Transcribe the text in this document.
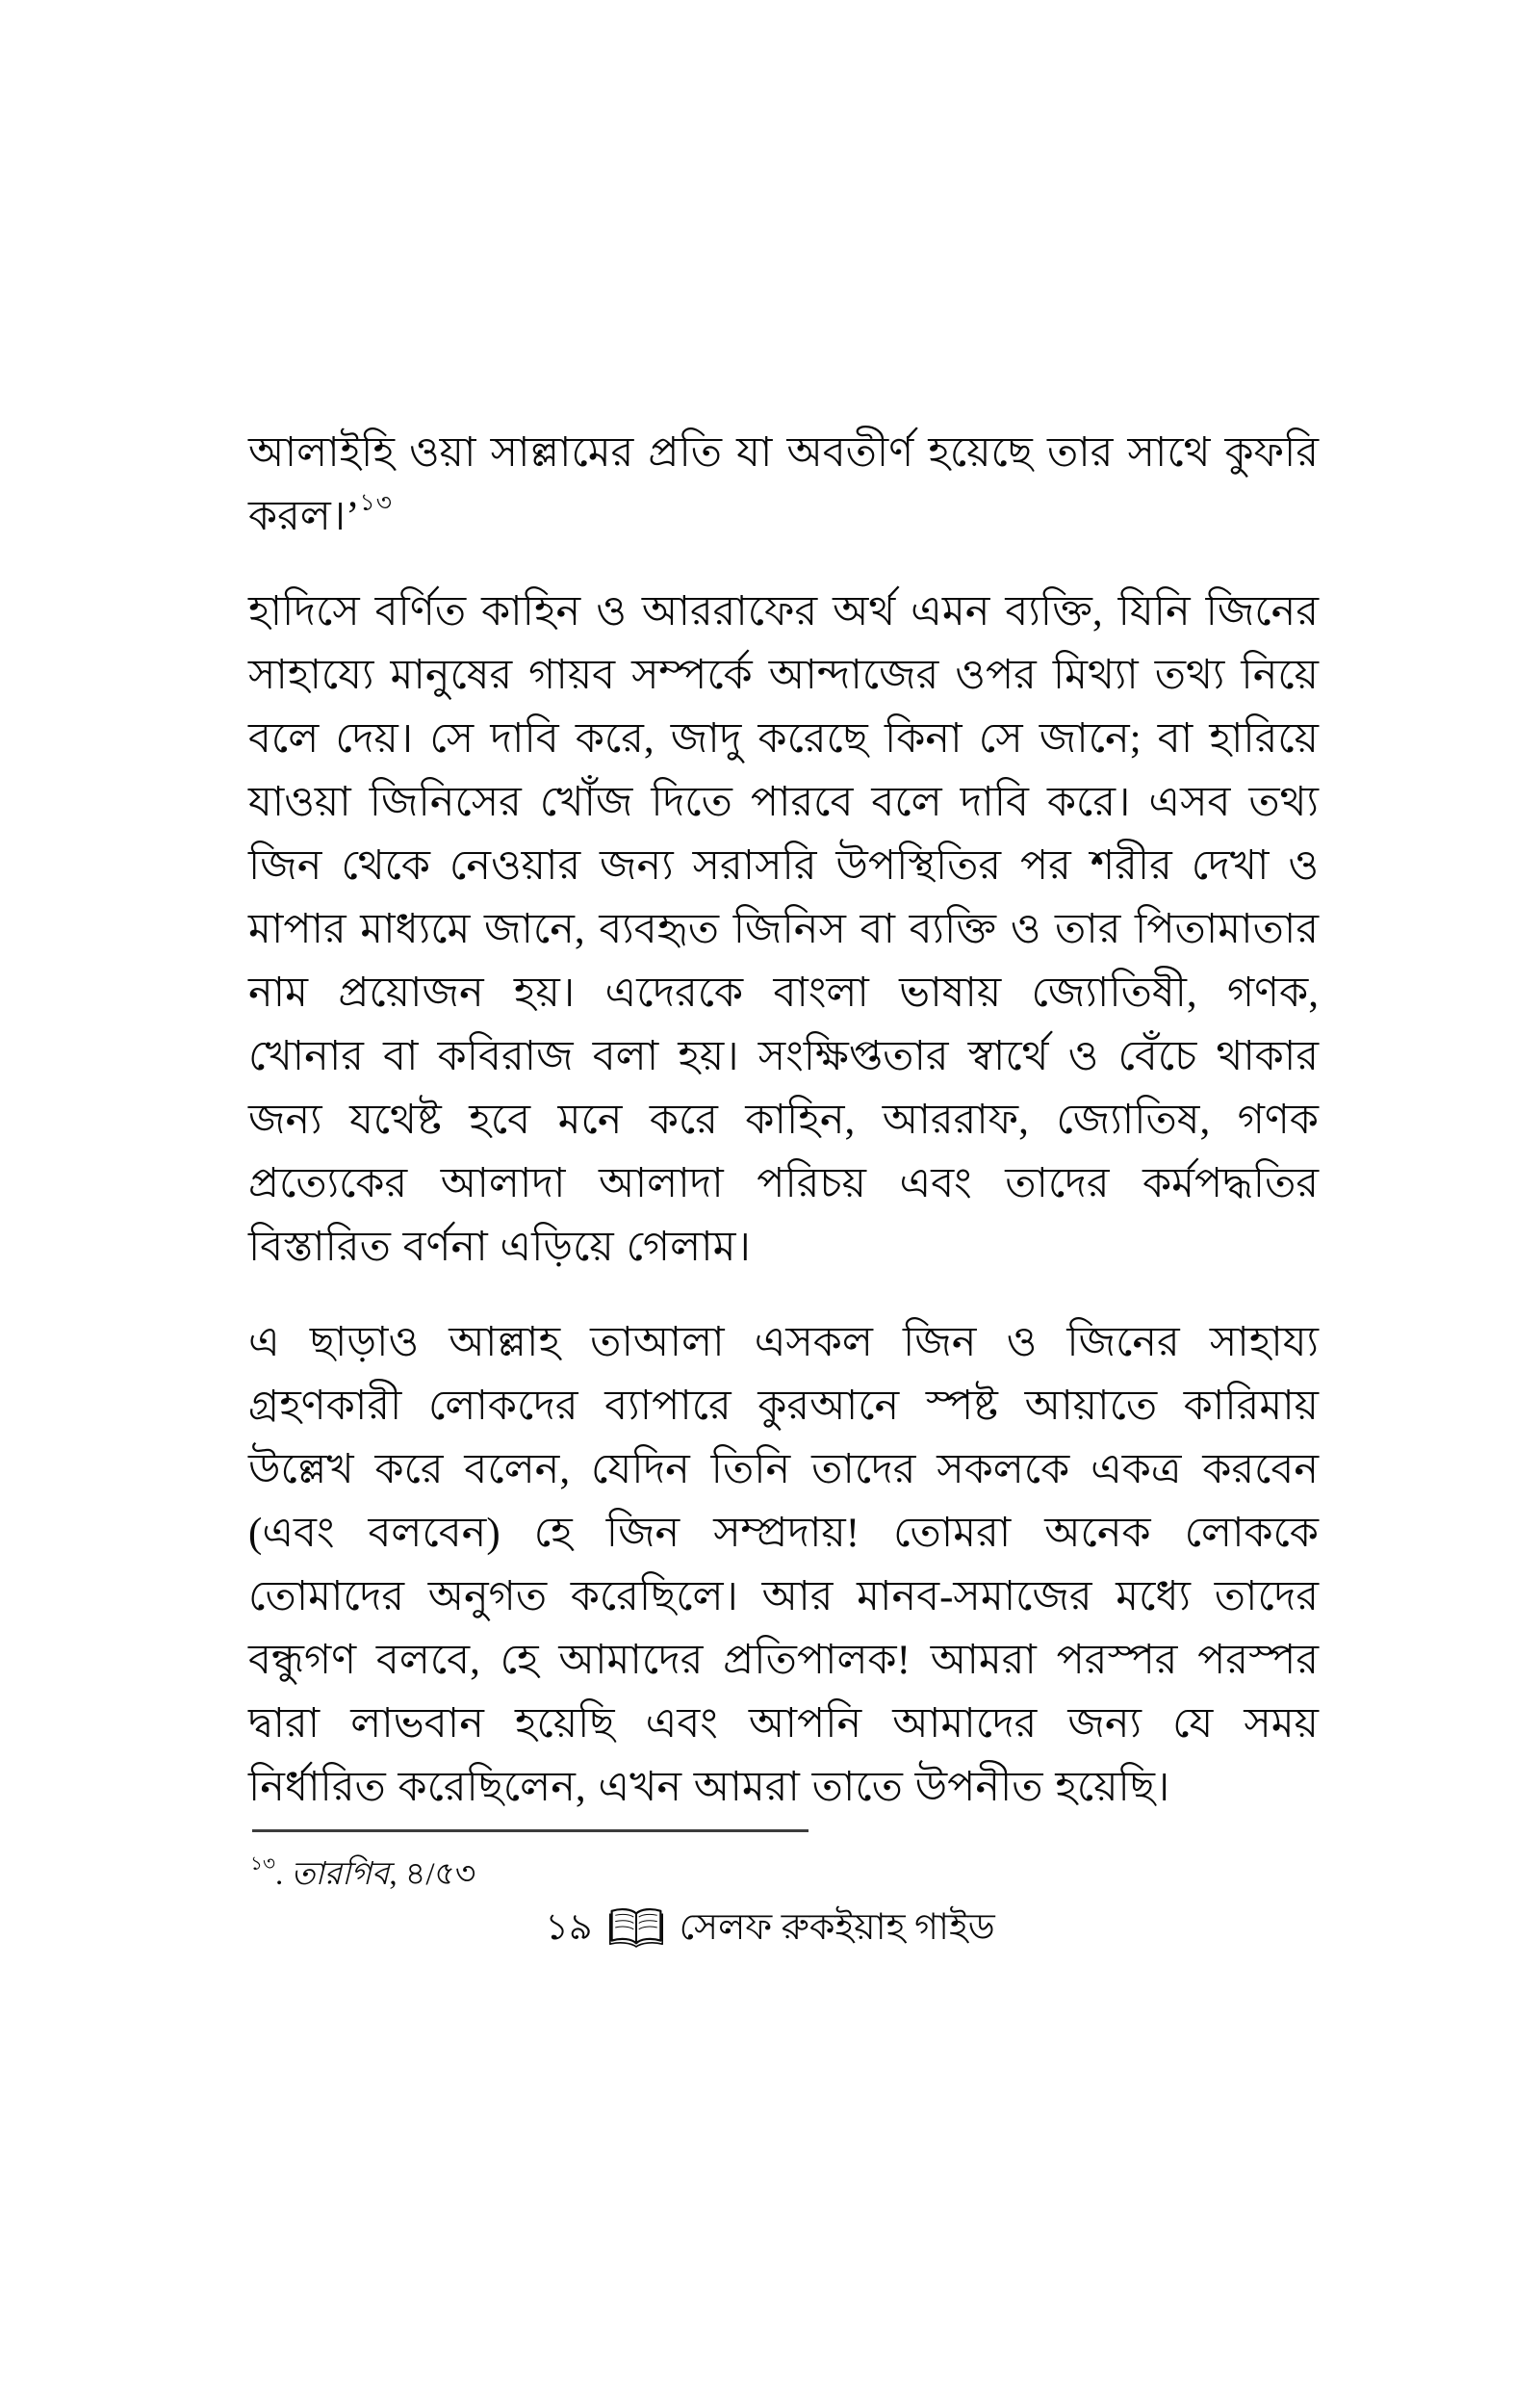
আলাইহি ওয়া সাল্লামের প্রতি যা অবতীর্ণ হয়েছে তার সাথে কুফরি করল।’$^{১৩}$

হাদিসে বর্ণিত কাহিন ও আররাফের অর্থ এমন ব্যক্তি, যিনি জিনের সাহায্যে মানুষের গায়ব সম্পর্কে আন্দাজের ওপর মিথ্যা তথ্য নিয়ে বলে দেয়। সে দাবি করে, জাদু করেছে কিনা সে জানে; বা হারিয়ে যাওয়া জিনিসের খোঁজ দিতে পারবে বলে দাবি করে। এসব তথ্য জিন থেকে নেওয়ার জন্য সরাসরি উপস্থিতির পর শরীর দেখা ও মাপার মাধ্যমে জানে, ব্যবহৃত জিনিস বা ব্যক্তি ও তার পিতামাতার নাম প্রয়োজন হয়। এদেরকে বাংলা ভাষায় জ্যোতিষী, গণক, খোনার বা কবিরাজ বলা হয়। সংক্ষিপ্ততার স্বার্থে ও বেঁচে থাকার জন্য যথেষ্ট হবে মনে করে কাহিন, আররাফ, জ্যোতিষ, গণক প্রত্যেকের আলাদা আলাদা পরিচয় এবং তাদের কর্মপদ্ধতির বিস্তারিত বর্ণনা এড়িয়ে গেলাম।

এ ছাড়াও আল্লাহ তাআলা এসকল জিন ও জিনের সাহায্য গ্রহণকারী লোকদের ব্যাপারে কুরআনে স্পষ্ট আয়াতে কারিমায় উল্লেখ করে বলেন, যেদিন তিনি তাদের সকলকে একত্র করবেন (এবং বলবেন) হে জিন সম্প্রদায়! তোমরা অনেক লোককে তোমাদের অনুগত করেছিলে। আর মানব-সমাজের মধ্যে তাদের বন্ধুগণ বলবে, হে আমাদের প্রতিপালক! আমরা পরস্পর পরস্পর দ্বারা লাভবান হয়েছি এবং আপনি আমাদের জন্য যে সময় নির্ধারিত করেছিলেন, এখন আমরা তাতে উপনীত হয়েছি।

$^{১৩}$. তারগিব, ৪/৫৩

১৯ সেলফ রুকইয়াহ গাইড
